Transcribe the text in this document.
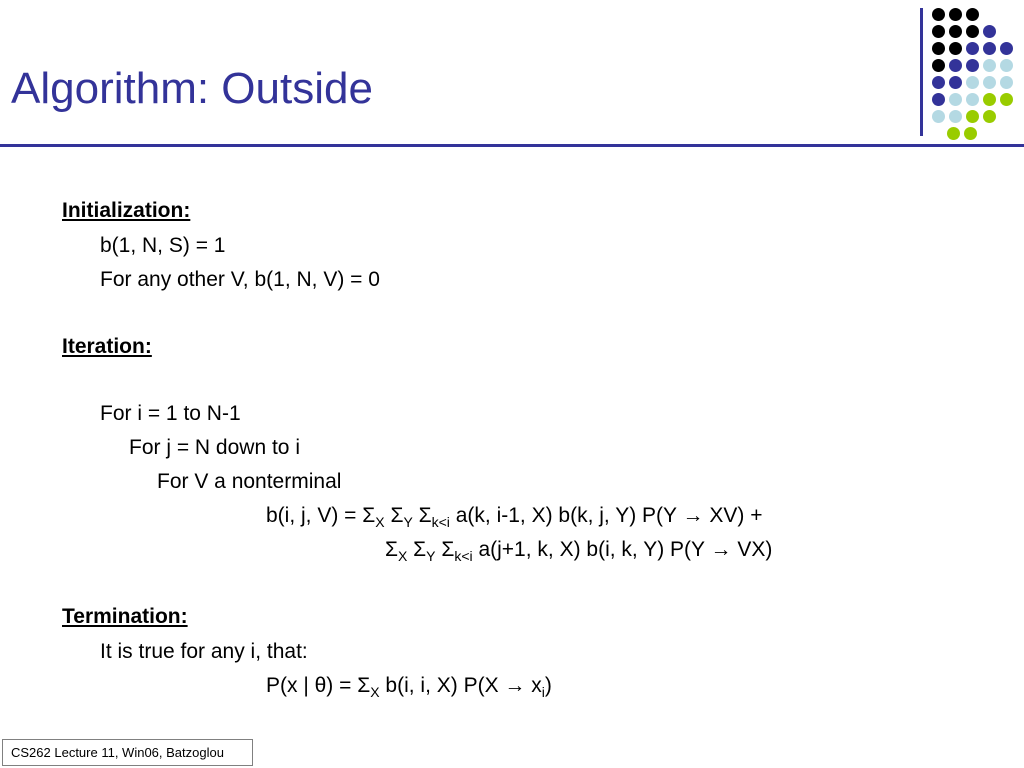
Algorithm: Outside
Initialization:
b(1, N, S) = 1
For any other V, b(1, N, V) = 0
Iteration:
For i = 1 to N-1
For j = N down to i
For V a nonterminal
b(i, j, $V) = \Sigma_X$ $\Sigma_Y$ $\Sigma_{k<i}$ a(k, i-1, X) b(k, j, Y) P(Y → XV) +
$\Sigma_X$ $\Sigma_Y$ $\Sigma_{k<i}$ a(j+1, k, X) b(i, k, Y) P(Y → VX)
Termination:
It is true for any i, that:
P(x | $\theta) = \Sigma_X$ b(i, i, X) $P(X \to x_i)$
CS262 Lecture 11, Win06, Batzoglou
